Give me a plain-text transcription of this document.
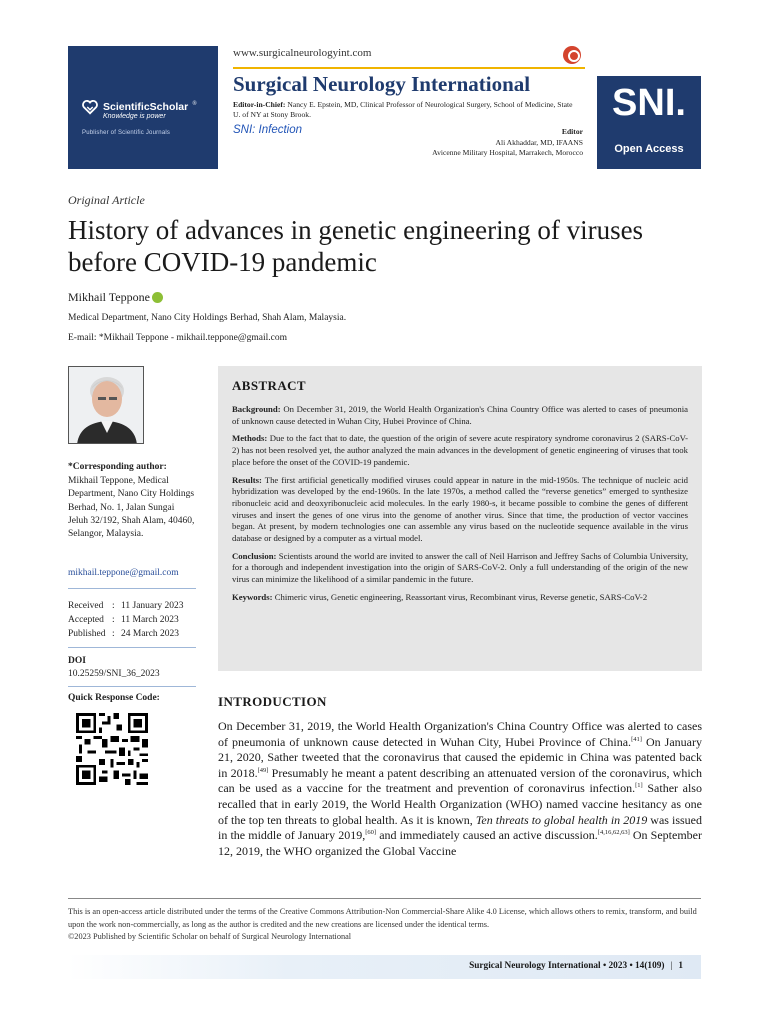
ScientificScholar ®
Knowledge is power
Publisher of Scientific Journals
www.surgicalneurologyint.com
Surgical Neurology International
Editor-in-Chief: Nancy E. Epstein, MD, Clinical Professor of Neurological Surgery, School of Medicine, State U. of NY at Stony Brook.
SNI: Infection	Editor
Ali Akhaddar, MD, IFAANS
Avicenne Military Hospital, Marrakech, Morocco
SNI.
Open Access
Original Article
History of advances in genetic engineering of viruses before COVID-19 pandemic
Mikhail Teppone
Medical Department, Nano City Holdings Berhad, Shah Alam, Malaysia.
E-mail: *Mikhail Teppone - mikhail.teppone@gmail.com
*Corresponding author:
Mikhail Teppone, Medical Department, Nano City Holdings Berhad, No. 1, Jalan Sungai Jeluh 32/192, Shah Alam, 40460, Selangor, Malaysia.
mikhail.teppone@gmail.com
Received : 11 January 2023
Accepted : 11 March 2023
Published : 24 March 2023
DOI
10.25259/SNI_36_2023
Quick Response Code:
ABSTRACT

Background: On December 31, 2019, the World Health Organization's China Country Office was alerted to cases of pneumonia of unknown cause detected in Wuhan City, Hubei Province of China.

Methods: Due to the fact that to date, the question of the origin of severe acute respiratory syndrome coronavirus 2 (SARS-CoV-2) has not been resolved yet, the author analyzed the main advances in the development of genetic engineering of viruses that took place before the onset of the COVID-19 pandemic.

Results: The first artificial genetically modified viruses could appear in nature in the mid-1950s. The technique of nucleic acid hybridization was developed by the end-1960s. In the late 1970s, a method called the “reverse genetics” emerged to synthesize ribonucleic acid and deoxyribonucleic acid molecules. In the early 1980-s, it became possible to combine the genes of different viruses and insert the genes of one virus into the genome of another virus. Since that time, the production of vector vaccines began. At present, by modern technologies one can assemble any virus based on the nucleotide sequence available in the virus database or designed by a computer as a virtual model.

Conclusion: Scientists around the world are invited to answer the call of Neil Harrison and Jeffrey Sachs of Columbia University, for a thorough and independent investigation into the origin of SARS-CoV-2. Only a full understanding of the origin of the new virus can minimize the likelihood of a similar pandemic in the future.

Keywords: Chimeric virus, Genetic engineering, Reassortant virus, Recombinant virus, Reverse genetic, SARS-CoV-2

INTRODUCTION

On December 31, 2019, the World Health Organization's China Country Office was alerted to cases of pneumonia of unknown cause detected in Wuhan City, Hubei Province of China.[41] On January 21, 2020, Sather tweeted that the coronavirus that caused the epidemic in China was patented back in 2018.[49] Presumably he meant a patent describing an attenuated version of the coronavirus, which can be used as a vaccine for the treatment and prevention of coronavirus infection.[1] Sather also recalled that in early 2019, the World Health Organization (WHO) named vaccine hesitancy as one of the top ten threats to global health. As it is known, Ten threats to global health in 2019 was issued in the middle of January 2019,[60] and immediately caused an active discussion.[4,16,62,63] On September 12, 2019, the WHO organized the Global Vaccine

This is an open-access article distributed under the terms of the Creative Commons Attribution-Non Commercial-Share Alike 4.0 License, which allows others to remix, transform, and build upon the work non-commercially, as long as the author is credited and the new creations are licensed under the identical terms.
©2023 Published by Scientific Scholar on behalf of Surgical Neurology International
Surgical Neurology International • 2023 • 14(109) | 1
